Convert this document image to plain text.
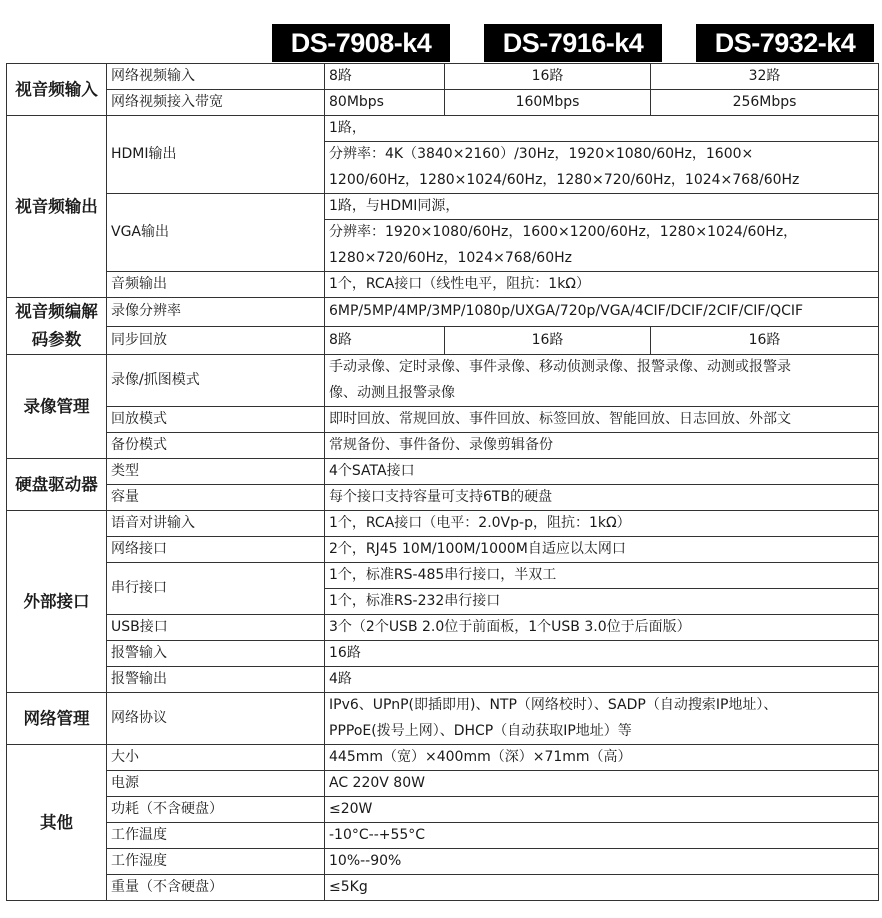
DS-7908-k4	DS-7916-k4	DS-7932-k4
视音频输入	网络视频输入	8路	16路	32路
	网络视频接入带宽	80Mbps	160Mbps	256Mbps
视音频输出	HDMI输出	1路，		
		分辨率：4K（3840×2160）/30Hz，1920×1080/60Hz，1600×		
		1200/60Hz，1280×1024/60Hz，1280×720/60Hz，1024×768/60Hz		
	VGA输出	1路，与HDMI同源，		
		分辨率：1920×1080/60Hz，1600×1200/60Hz，1280×1024/60Hz，		
		1280×720/60Hz，1024×768/60Hz		
	音频输出	1个，RCA接口（线性电平，阻抗：1kΩ）		
视音频编解码参数	录像分辨率	6MP/5MP/4MP/3MP/1080p/UXGA/720p/VGA/4CIF/DCIF/2CIF/CIF/QCIF		
	同步回放	8路	16路	16路
录像管理	录像/抓图模式	手动录像、定时录像、事件录像、移动侦测录像、报警录像、动测或报警录		
		像、动测且报警录像		
	回放模式	即时回放、常规回放、事件回放、标签回放、智能回放、日志回放、外部文		
	备份模式	常规备份、事件备份、录像剪辑备份		
硬盘驱动器	类型	4个SATA接口		
	容量	每个接口支持容量可支持6TB的硬盘		
外部接口	语音对讲输入	1个，RCA接口（电平：2.0Vp-p，阻抗：1kΩ）		
	网络接口	2个，RJ45 10M/100M/1000M自适应以太网口		
	串行接口	1个，标准RS-485串行接口，半双工		
		1个，标准RS-232串行接口		
	USB接口	3个（2个USB 2.0位于前面板，1个USB 3.0位于后面版）		
	报警输入	16路		
	报警输出	4路		
网络管理	网络协议	IPv6、UPnP(即插即用)、NTP（网络校时）、SADP（自动搜索IP地址）、		
		PPPoE(拨号上网）、DHCP（自动获取IP地址）等		
其他	大小	445mm（宽）×400mm（深）×71mm（高）		
	电源	AC 220V 80W		
	功耗（不含硬盘）	≤20W		
	工作温度	-10°C--+55°C		
	工作湿度	10%--90%		
	重量（不含硬盘）	≤5Kg		
